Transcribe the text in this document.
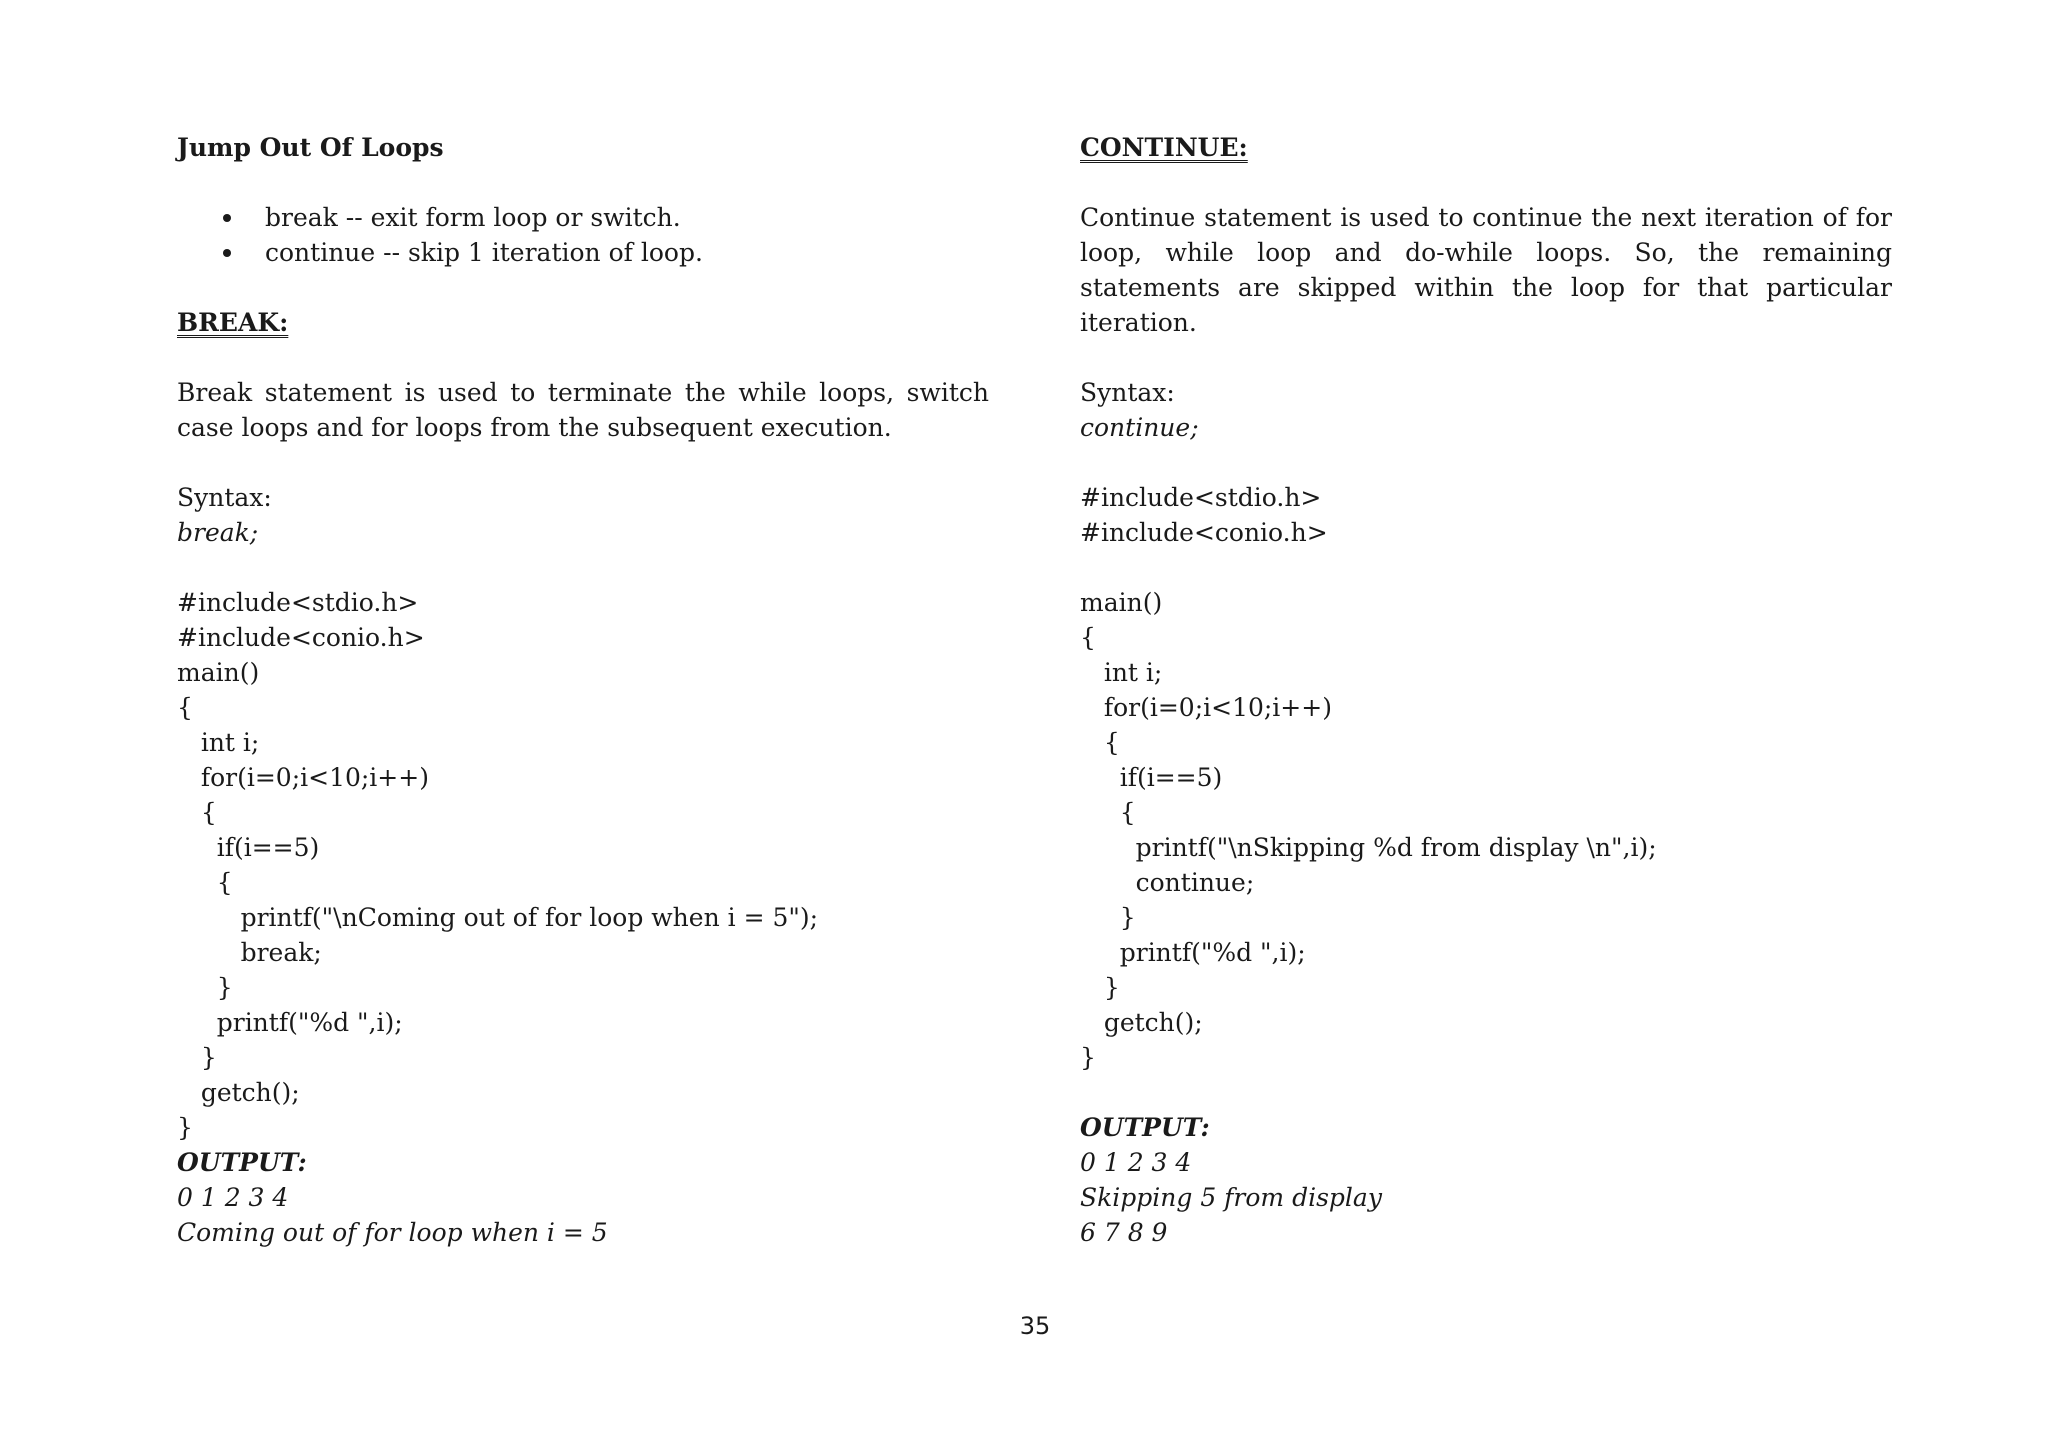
Jump Out Of Loops
break -- exit form loop or switch.
continue -- skip 1 iteration of loop.
BREAK:
Break statement is used to terminate the while loops, switch case loops and for loops from the subsequent execution.
Syntax:
break;
#include<stdio.h>
#include<conio.h>
main()
{
int i;
for(i=0;i<10;i++)
{
if(i==5)
{
printf("\nComing out of for loop when i = 5");
break;
}
printf("%d ",i);
}
getch();
}
OUTPUT:
0 1 2 3 4
Coming out of for loop when i = 5
CONTINUE:
Continue statement is used to continue the next iteration of for loop, while loop and do-while loops. So, the remaining statements are skipped within the loop for that particular iteration.
Syntax:
continue;
#include<stdio.h>
#include<conio.h>
main()
{
int i;
for(i=0;i<10;i++)
{
if(i==5)
{
printf("\nSkipping %d from display \n",i);
continue;
}
printf("%d ",i);
}
getch();
}
OUTPUT:
0 1 2 3 4
Skipping 5 from display
6 7 8 9
35
